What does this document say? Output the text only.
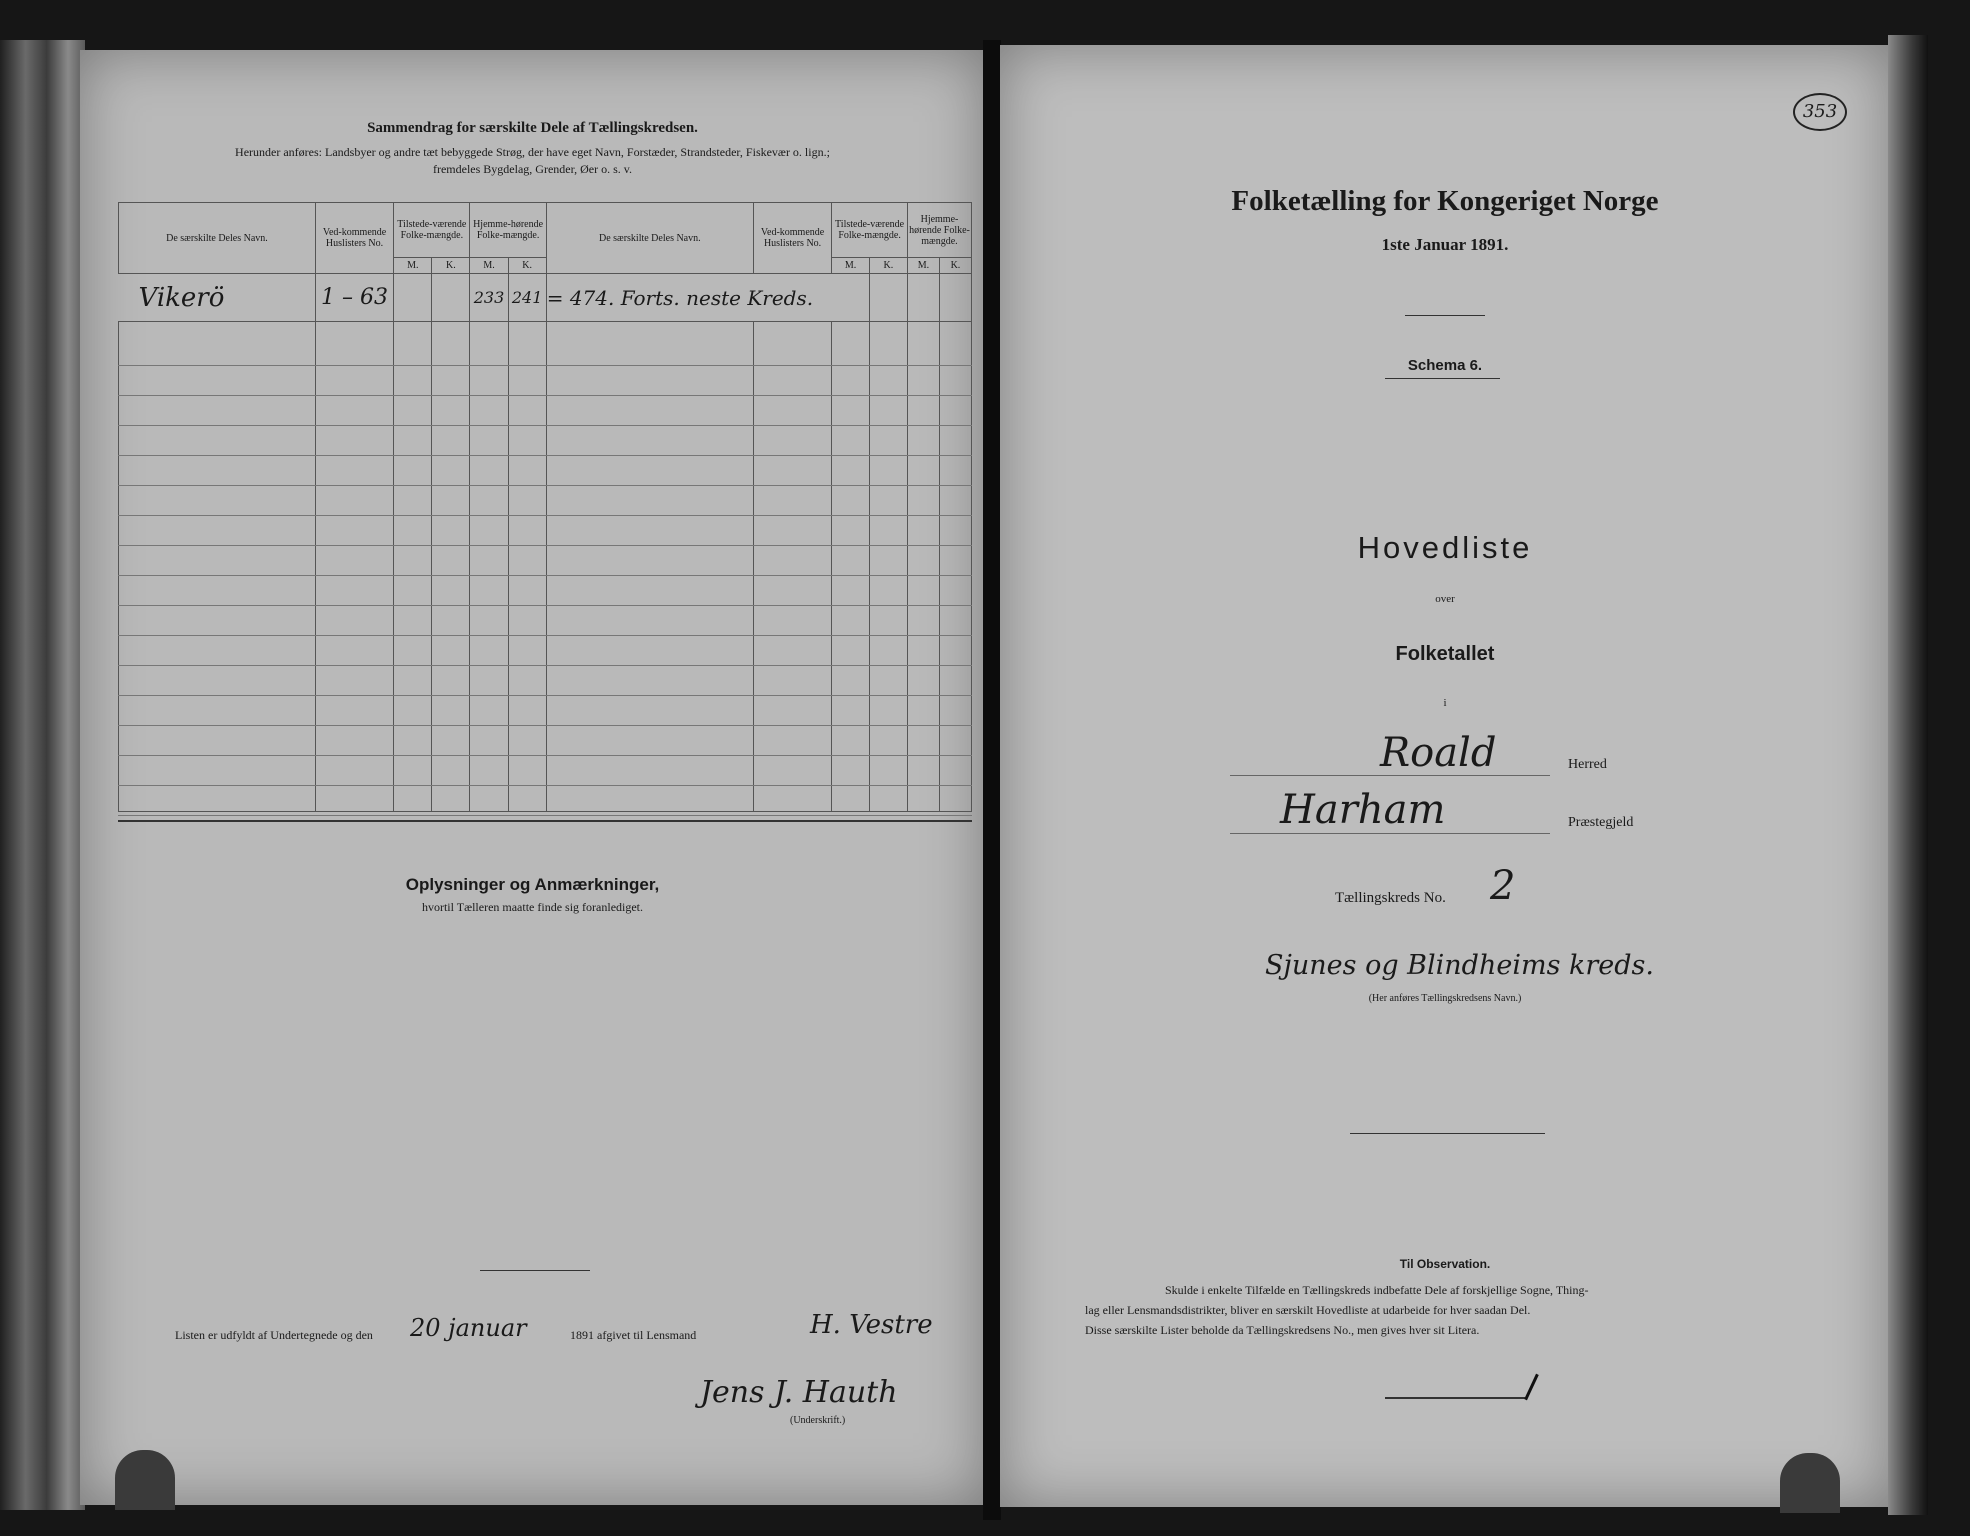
Sammendrag for særskilte Dele af Tællingskredsen.
Herunder anføres: Landsbyer og andre tæt bebyggede Strøg, der have eget Navn, Forstæder, Strandsteder, Fiskevær o. lign.;
fremdeles Bygdelag, Grender, Øer o. s. v.
De særskilte Deles Navn.	Ved-kommende Huslisters No.	Tilstede-værende Folke-mængde.		Hjemme-hørende Folke-mængde.		De særskilte Deles Navn.	Ved-kommende Huslisters No.	Tilstede-værende Folke-mængde.		Hjemme-hørende Folke-mængde.	
		M.	K.	M.	K.			M.	K.	M.	K.
Vikerö	1 – 63			233	241	= 474. Forts. neste Kreds.					

Oplysninger og Anmærkninger,
hvortil Tælleren maatte finde sig foranlediget.
Listen er udfyldt af Undertegnede og den 20 januar	1891 afgivet til Lensmand	H. Vestre
Jens J. Hauth
(Underskrift.)
353
Folketælling for Kongeriget Norge
1ste Januar 1891.
Schema 6.
Hovedliste
over
Folketallet
i
Roald	Herred
Harham	Præstegjeld
Tællingskreds No. 2
Sjunes og Blindheims kreds.
(Her anføres Tællingskredsens Navn.)
Til Observation.
Skulde i enkelte Tilfælde en Tællingskreds indbefatte Dele af forskjellige Sogne, Thing-
lag eller Lensmandsdistrikter, bliver en særskilt Hovedliste at udarbeide for hver saadan Del.
Disse særskilte Lister beholde da Tællingskredsens No., men gives hver sit Litera.
